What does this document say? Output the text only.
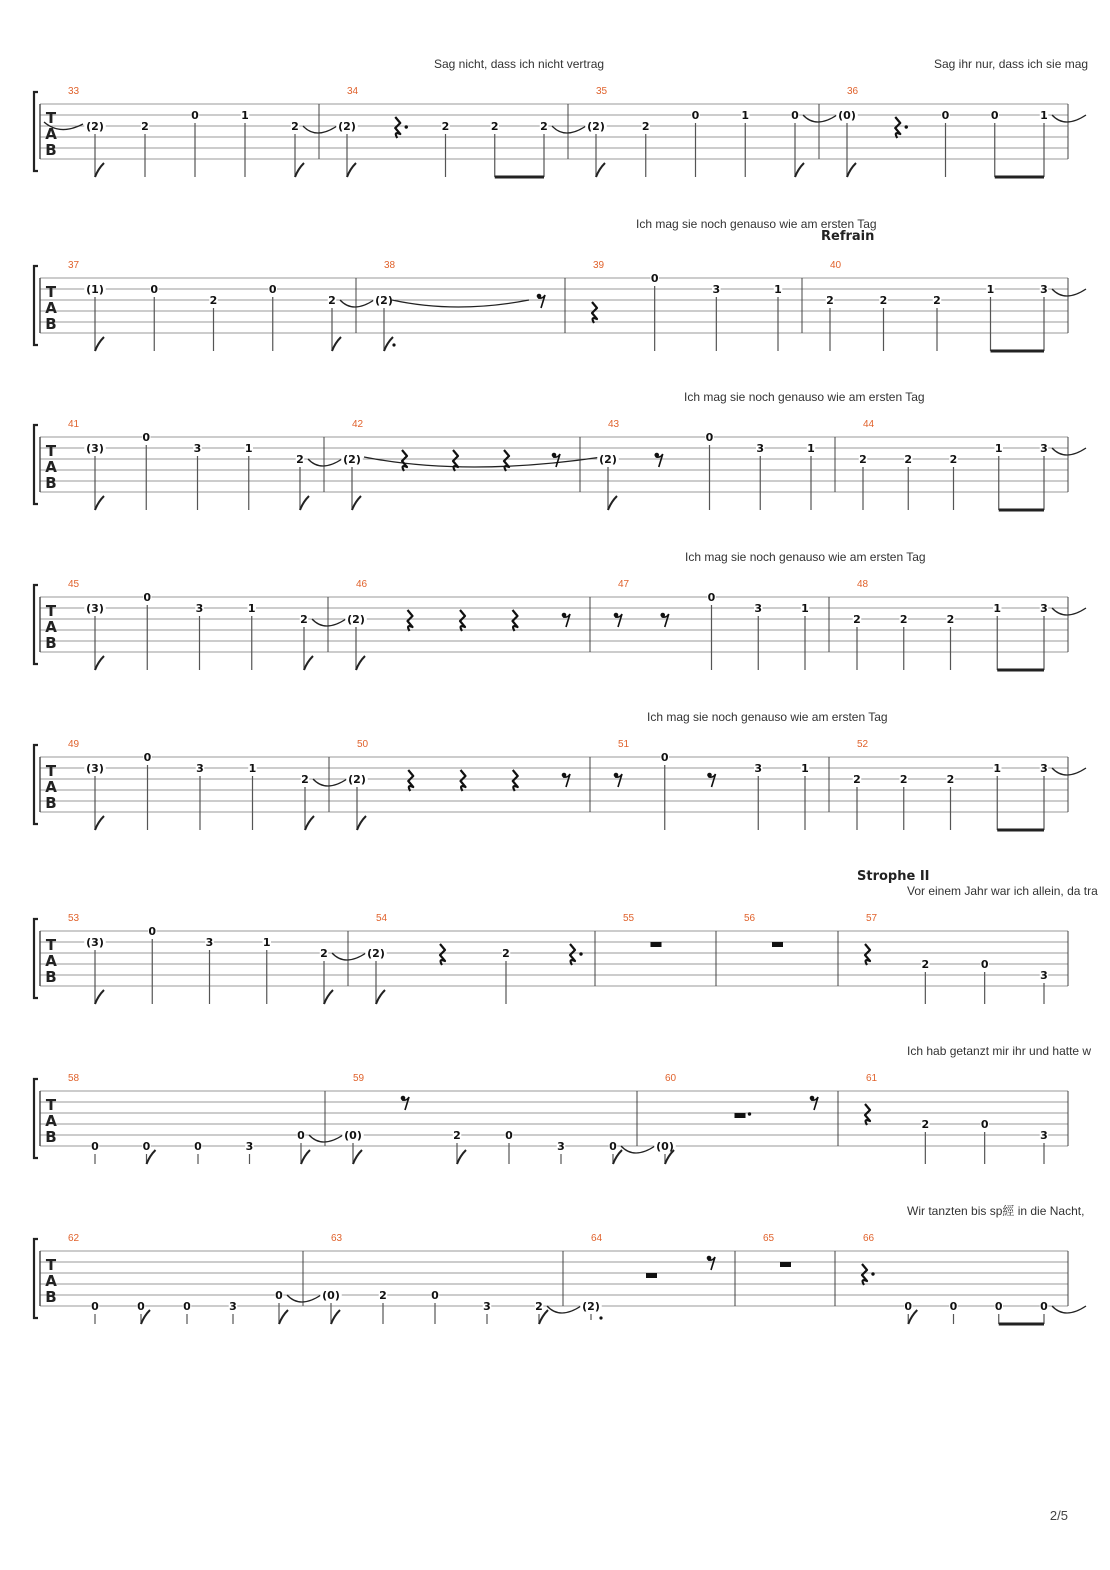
T
A
B
Sag nicht, dass ich nicht vertrag	Sag ihr nur, dass ich sie mag
33
(2)	2
0	1
2
34
(2)	2	2	2
35
(2)	2
0	1	0
36
(0)	0	0	1
T
A
B
Ich mag sie noch genauso wie am ersten Tag
Refrain
37
(1)	0
2
0
2
38
(2)
39
0
3	1
40
2	2	2
1	3
T
A
B
Ich mag sie noch genauso wie am ersten Tag
41
(3)
0
3	1
2
42
(2)
43
(2)
0
3	1
44
2	2	2
1	3
T
A
B
Ich mag sie noch genauso wie am ersten Tag
45
(3)
0
3	1
2
46
(2)
47
0
3	1
48
2	2	2
1	3
T
A
B
Ich mag sie noch genauso wie am ersten Tag
49
(3)
0
3	1
2
50
(2)
51
0
3	1
52
2	2	2
1	3
T
A
B
Vor einem Jahr war ich allein, da tra
Strophe II
53
(3)
0
3	1
2
54
(2)	2
55	56	57
2	0
3
T
A
B
Ich hab getanzt mir ihr und hatte w
58
0	0	0	3
0
59
(0)	2	0
3	0
60
(0)
61
2	0
3
T
A
B
Wir tanzten bis sp經 in die Nacht,
62
0	0	0	3
0
63
(0)	2	0
3	2
64
(2)
65	66
0	0	0	0
2/5
